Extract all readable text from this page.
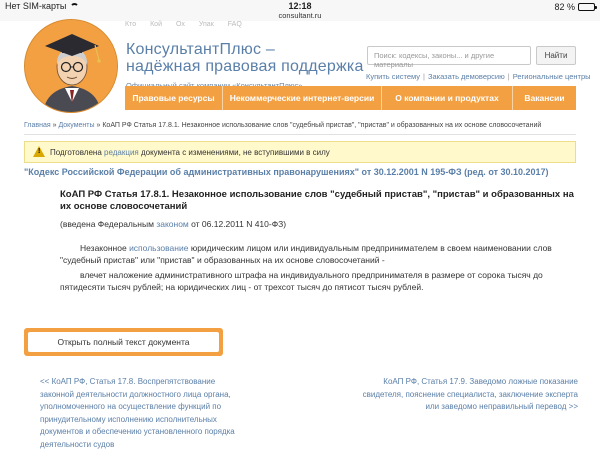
Нет SIM-карты	12:18
consultant.ru
82 %
Кто Кой Ох Упак FAQ
КонсультантПлюс –
надёжная правовая поддержка
Поиск: кодексы, законы... и другие материалы
Найти
Купить систему | Заказать демоверсию | Региональные центры
Правовые ресурсы	Некоммерческие интернет-версии	О компании и продуктах	Вакансии
Главная » Документы » КоАП РФ Статья 17.8.1. Незаконное использование слов "судебный пристав", "пристав" и образованных на их основе словосочетаний
!
Подготовлена редакция документа с изменениями, не вступившими в силу
"Кодекс Российской Федерации об административных правонарушениях" от 30.12.2001 N 195-ФЗ (ред. от 30.10.2017)
КоАП РФ Статья 17.8.1. Незаконное использование слов "судебный пристав", "пристав" и образованных на их основе словосочетаний
(введена Федеральным законом от 06.12.2011 N 410-ФЗ)
Незаконное использование юридическим лицом или индивидуальным предпринимателем в своем наименовании слов "судебный пристав" или "пристав" и образованных на их основе словосочетаний -
влечет наложение административного штрафа на индивидуального предпринимателя в размере от сорока тысяч до пятидесяти тысяч рублей; на юридических лиц - от трехсот тысяч до пятисот тысяч рублей.
Открыть полный текст документа
<< КоАП РФ, Статья 17.8. Воспрепятствование законной деятельности должностного лица органа, уполномоченного на осуществление функций по принудительному исполнению исполнительных документов и обеспечению установленного порядка деятельности судов
КоАП РФ, Статья 17.9. Заведомо ложные показание свидетеля, пояснение специалиста, заключение эксперта или заведомо неправильный перевод >>
